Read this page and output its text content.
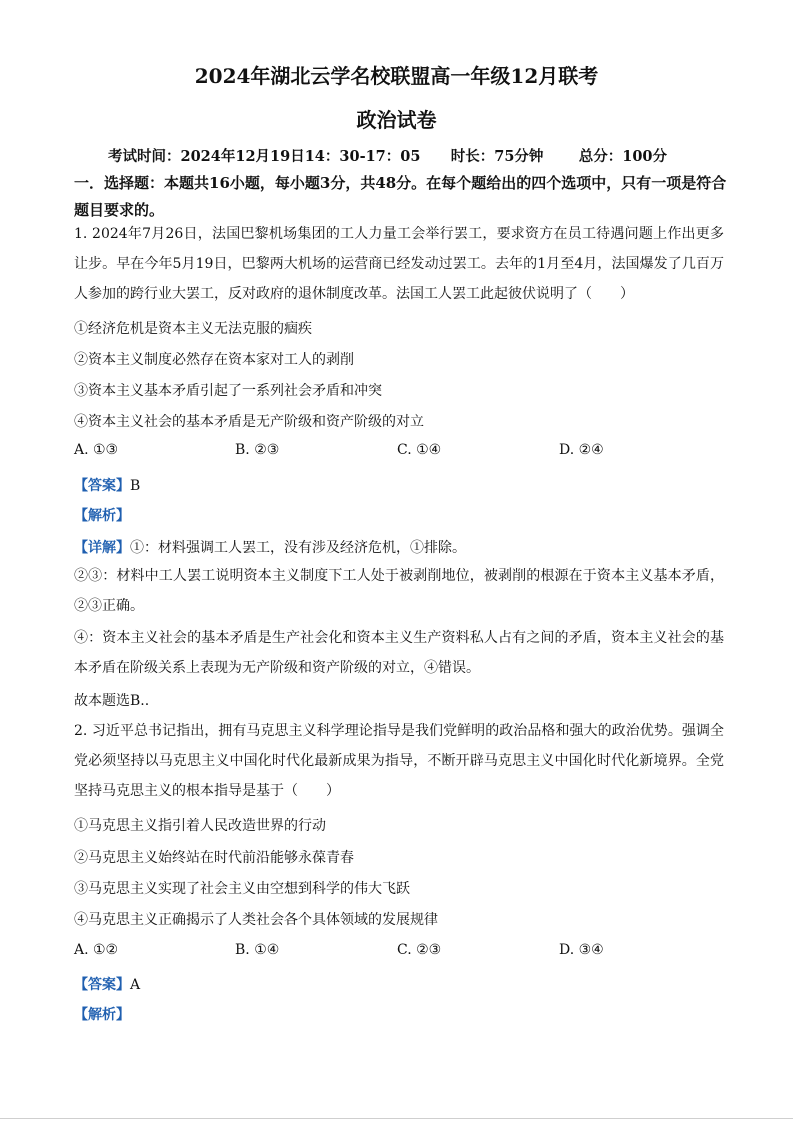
2024年湖北云学名校联盟高一年级12月联考
政治试卷
考试时间：2024年12月19日14：30-17：05      时长：75分钟       总分：100分
一．选择题：本题共16小题，每小题3分，共48分。在每个题给出的四个选项中，只有一项是符合题目要求的。
1. 2024年7月26日，法国巴黎机场集团的工人力量工会举行罢工，要求资方在员工待遇问题上作出更多让步。早在今年5月19日，巴黎两大机场的运营商已经发动过罢工。去年的1月至4月，法国爆发了几百万人参加的跨行业大罢工，反对政府的退休制度改革。法国工人罢工此起彼伏说明了（　　）
①经济危机是资本主义无法克服的痼疾
②资本主义制度必然存在资本家对工人的剥削
③资本主义基本矛盾引起了一系列社会矛盾和冲突
④资本主义社会的基本矛盾是无产阶级和资产阶级的对立
A. ①③	B. ②③	C. ①④	D. ②④
【答案】B
【解析】
【详解】①：材料强调工人罢工，没有涉及经济危机，①排除。
②③：材料中工人罢工说明资本主义制度下工人处于被剥削地位，被剥削的根源在于资本主义基本矛盾，②③正确。
④：资本主义社会的基本矛盾是生产社会化和资本主义生产资料私人占有之间的矛盾，资本主义社会的基本矛盾在阶级关系上表现为无产阶级和资产阶级的对立，④错误。
故本题选B..
2. 习近平总书记指出，拥有马克思主义科学理论指导是我们党鲜明的政治品格和强大的政治优势。强调全党必须坚持以马克思主义中国化时代化最新成果为指导，不断开辟马克思主义中国化时代化新境界。全党坚持马克思主义的根本指导是基于（　　）
①马克思主义指引着人民改造世界的行动
②马克思主义始终站在时代前沿能够永葆青春
③马克思主义实现了社会主义由空想到科学的伟大飞跃
④马克思主义正确揭示了人类社会各个具体领域的发展规律
A. ①②	B. ①④	C. ②③	D. ③④
【答案】A
【解析】
